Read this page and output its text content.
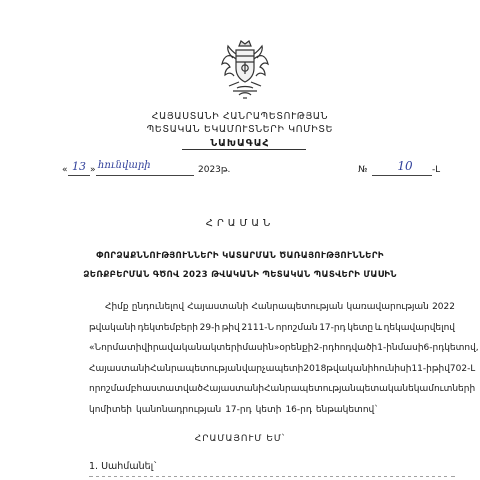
ՀԱՅԱՍՏԱՆԻ ՀԱՆՐԱՊԵՏՈՒԹՅԱՆ
ՊԵՏԱԿԱՆ ԵԿԱՄՈՒՏՆԵՐԻ ԿՈՄԻՏԵ
ՆԱԽԱԳԱՀ
« 13 » հունվարի	2023թ.	№	10	-Լ
ՀՐԱՄԱՆ
ՓՈՐՁԱՔՆՆՈՒԹՅՈՒՆՆԵՐԻ ԿԱՏԱՐՄԱՆ ԾԱՌԱՅՈՒԹՅՈՒՆՆԵՐԻ
ՁԵՌՔԲԵՐՄԱՆ ԳԾՈՎ 2023 ԹՎԱԿԱՆԻ ՊԵՏԱԿԱՆ ՊԱՏՎԵՐԻ ՄԱՍԻՆ
Հիմք ընդունելով Հայաստանի Հանրապետության կառավարության 2022
թվականի դեկտեմբերի 29-ի թիվ 2111-Ն որոշման 17-րդ կետը և ղեկավարվելով
«Նորմատիվ իրավական ակտերի մասին» օրենքի 2-րդ հոդվածի 1-ին մասի 6-րդ կետով,
Հայաստանի Հանրապետության վարչապետի 2018 թվականի հունիսի 11-ի թիվ 702-Լ
որոշմամբ հաստատված Հայաստանի Հանրապետության պետական եկամուտների
կոմիտեի կանոնադրության 17-րդ կետի 16-րդ ենթակետով`
ՀՐԱՄԱՅՈՒՄ ԵՄ՝
1. Սահմանել`
